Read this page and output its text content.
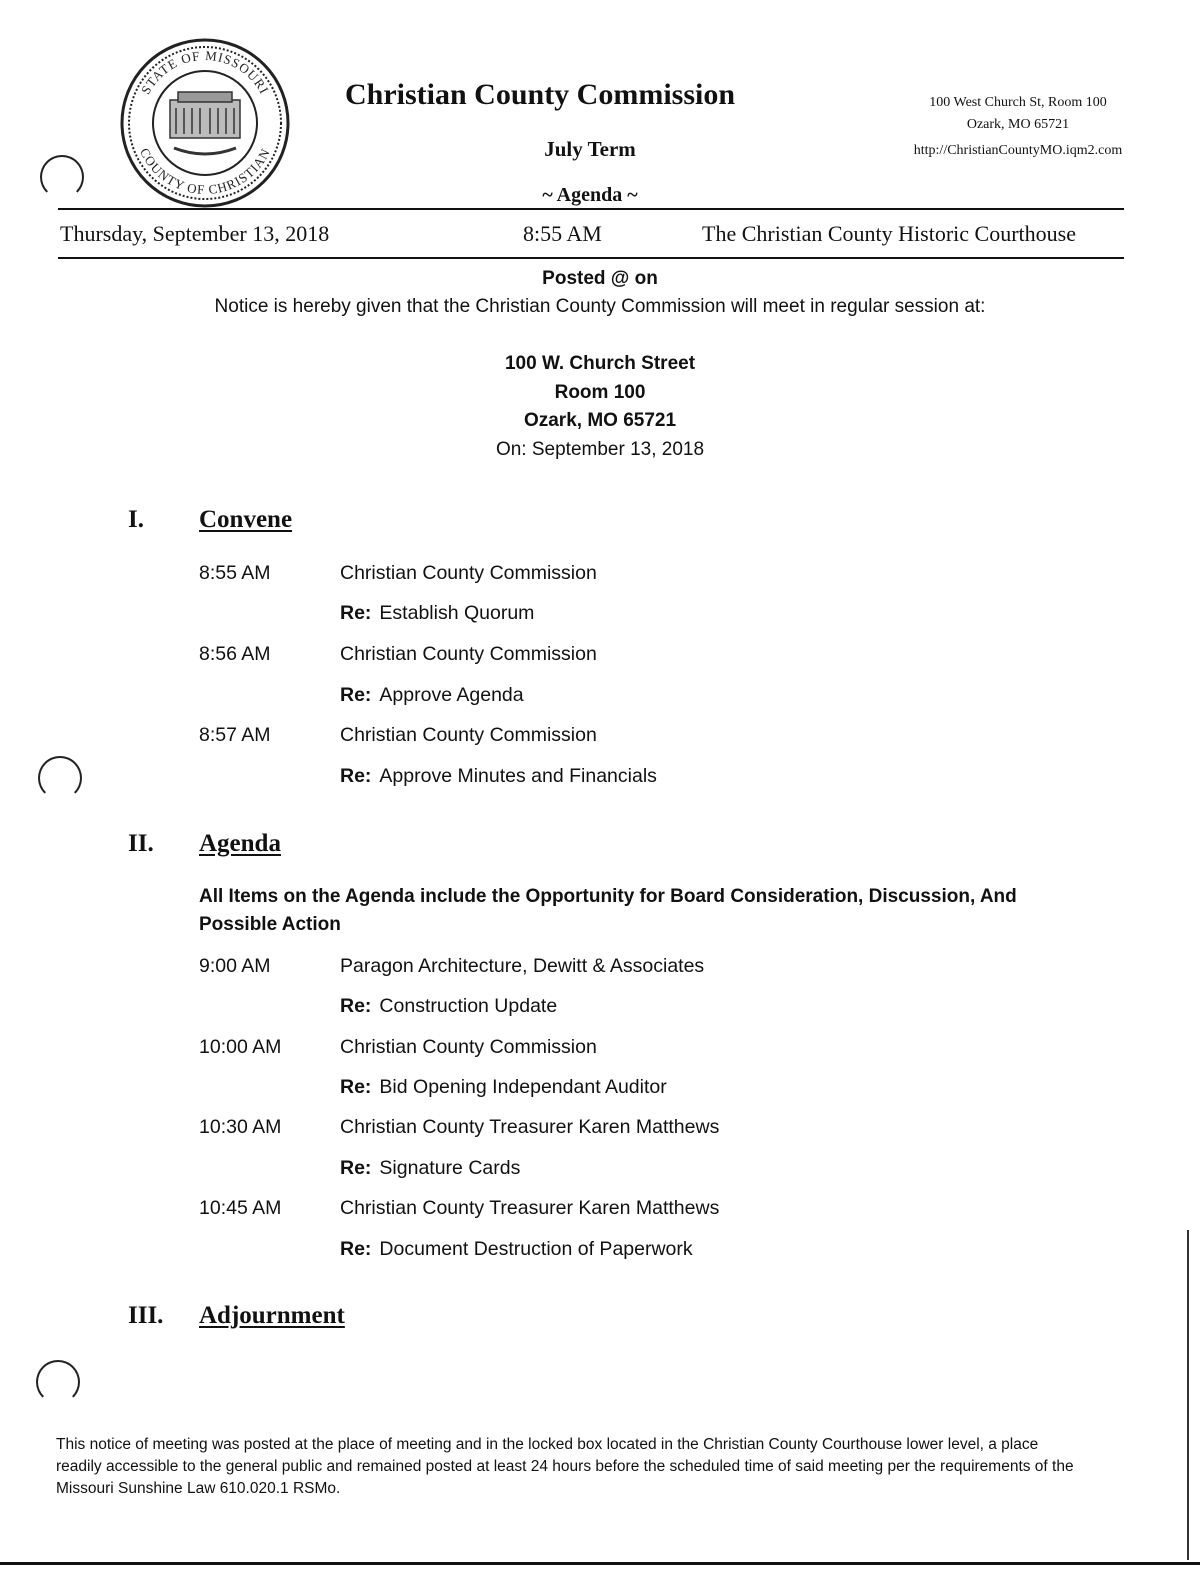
STATE OF MISSOURI
COUNTY OF CHRISTIAN
Christian County Commission
July Term
~ Agenda ~
100 West Church St, Room 100
Ozark, MO 65721
http://ChristianCountyMO.iqm2.com
Thursday, September 13, 2018	8:55 AM	The Christian County Historic Courthouse
Posted @ on
Notice is hereby given that the Christian County Commission will meet in regular session at:
100 W. Church Street
Room 100
Ozark, MO 65721
On: September 13, 2018
I. Convene
8:55 AM	Christian County Commission
Re: Establish Quorum
8:56 AM	Christian County Commission
Re: Approve Agenda
8:57 AM	Christian County Commission
Re: Approve Minutes and Financials
II. Agenda
All Items on the Agenda include the Opportunity for Board Consideration, Discussion, And Possible Action
9:00 AM	Paragon Architecture, Dewitt & Associates
Re: Construction Update
10:00 AM	Christian County Commission
Re: Bid Opening Independant Auditor
10:30 AM	Christian County Treasurer Karen Matthews
Re: Signature Cards
10:45 AM	Christian County Treasurer Karen Matthews
Re: Document Destruction of Paperwork
III. Adjournment
This notice of meeting was posted at the place of meeting and in the locked box located in the Christian County Courthouse lower level, a place readily accessible to the general public and remained posted at least 24 hours before the scheduled time of said meeting per the requirements of the Missouri Sunshine Law 610.020.1 RSMo.
